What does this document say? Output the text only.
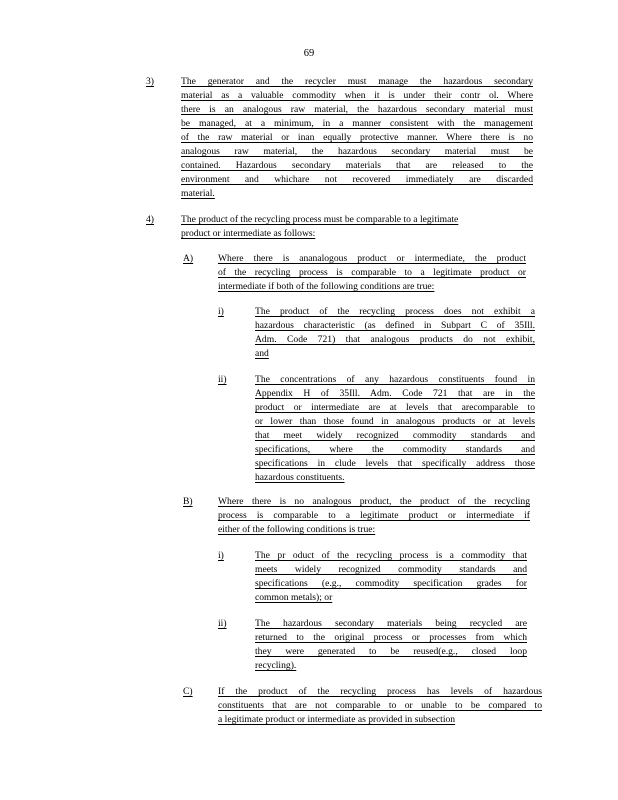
69
3)	The generator and the recycler must manage the hazardous secondary
material as a valuable commodity when it is under their contr ol. Where
there is an analogous raw material, the hazardous secondary material must
be managed, at a minimum, in a manner consistent with the management
of the raw material or inan equally protective manner. Where there is no
analogous raw material, the hazardous secondary material must be
contained. Hazardous secondary materials that are released to the
environment and whichare not recovered immediately are discarded
material.
4)	The product of the recycling process must be comparable to a legitimate
product or intermediate as follows:
A)	Where there is ananalogous product or intermediate, the product
of the recycling process is comparable to a legitimate product or
intermediate if both of the following conditions are true:
i)	The product of the recycling process does not exhibit a
hazardous characteristic (as defined in Subpart C of 35Ill.
Adm. Code 721) that analogous products do not exhibit,
and
ii)	The concentrations of any hazardous constituents found in
Appendix H of 35Ill. Adm. Code 721 that are in the
product or intermediate are at levels that arecomparable to
or lower than those found in analogous products or at levels
that meet widely recognized commodity standards and
specifications, where the commodity standards and
specifications in clude levels that specifically address those
hazardous constituents.
B)	Where there is no analogous product, the product of the recycling
process is comparable to a legitimate product or intermediate if
either of the following conditions is true:
i)	The pr oduct of the recycling process is a commodity that
meets widely recognized commodity standards and
specifications (e.g., commodity specification grades for
common metals); or
ii)	The hazardous secondary materials being recycled are
returned to the original process or processes from which
they were generated to be reused(e.g., closed loop
recycling).
C)	If the product of the recycling process has levels of hazardous
constituents that are not comparable to or unable to be compared to
a legitimate product or intermediate as provided in subsection
